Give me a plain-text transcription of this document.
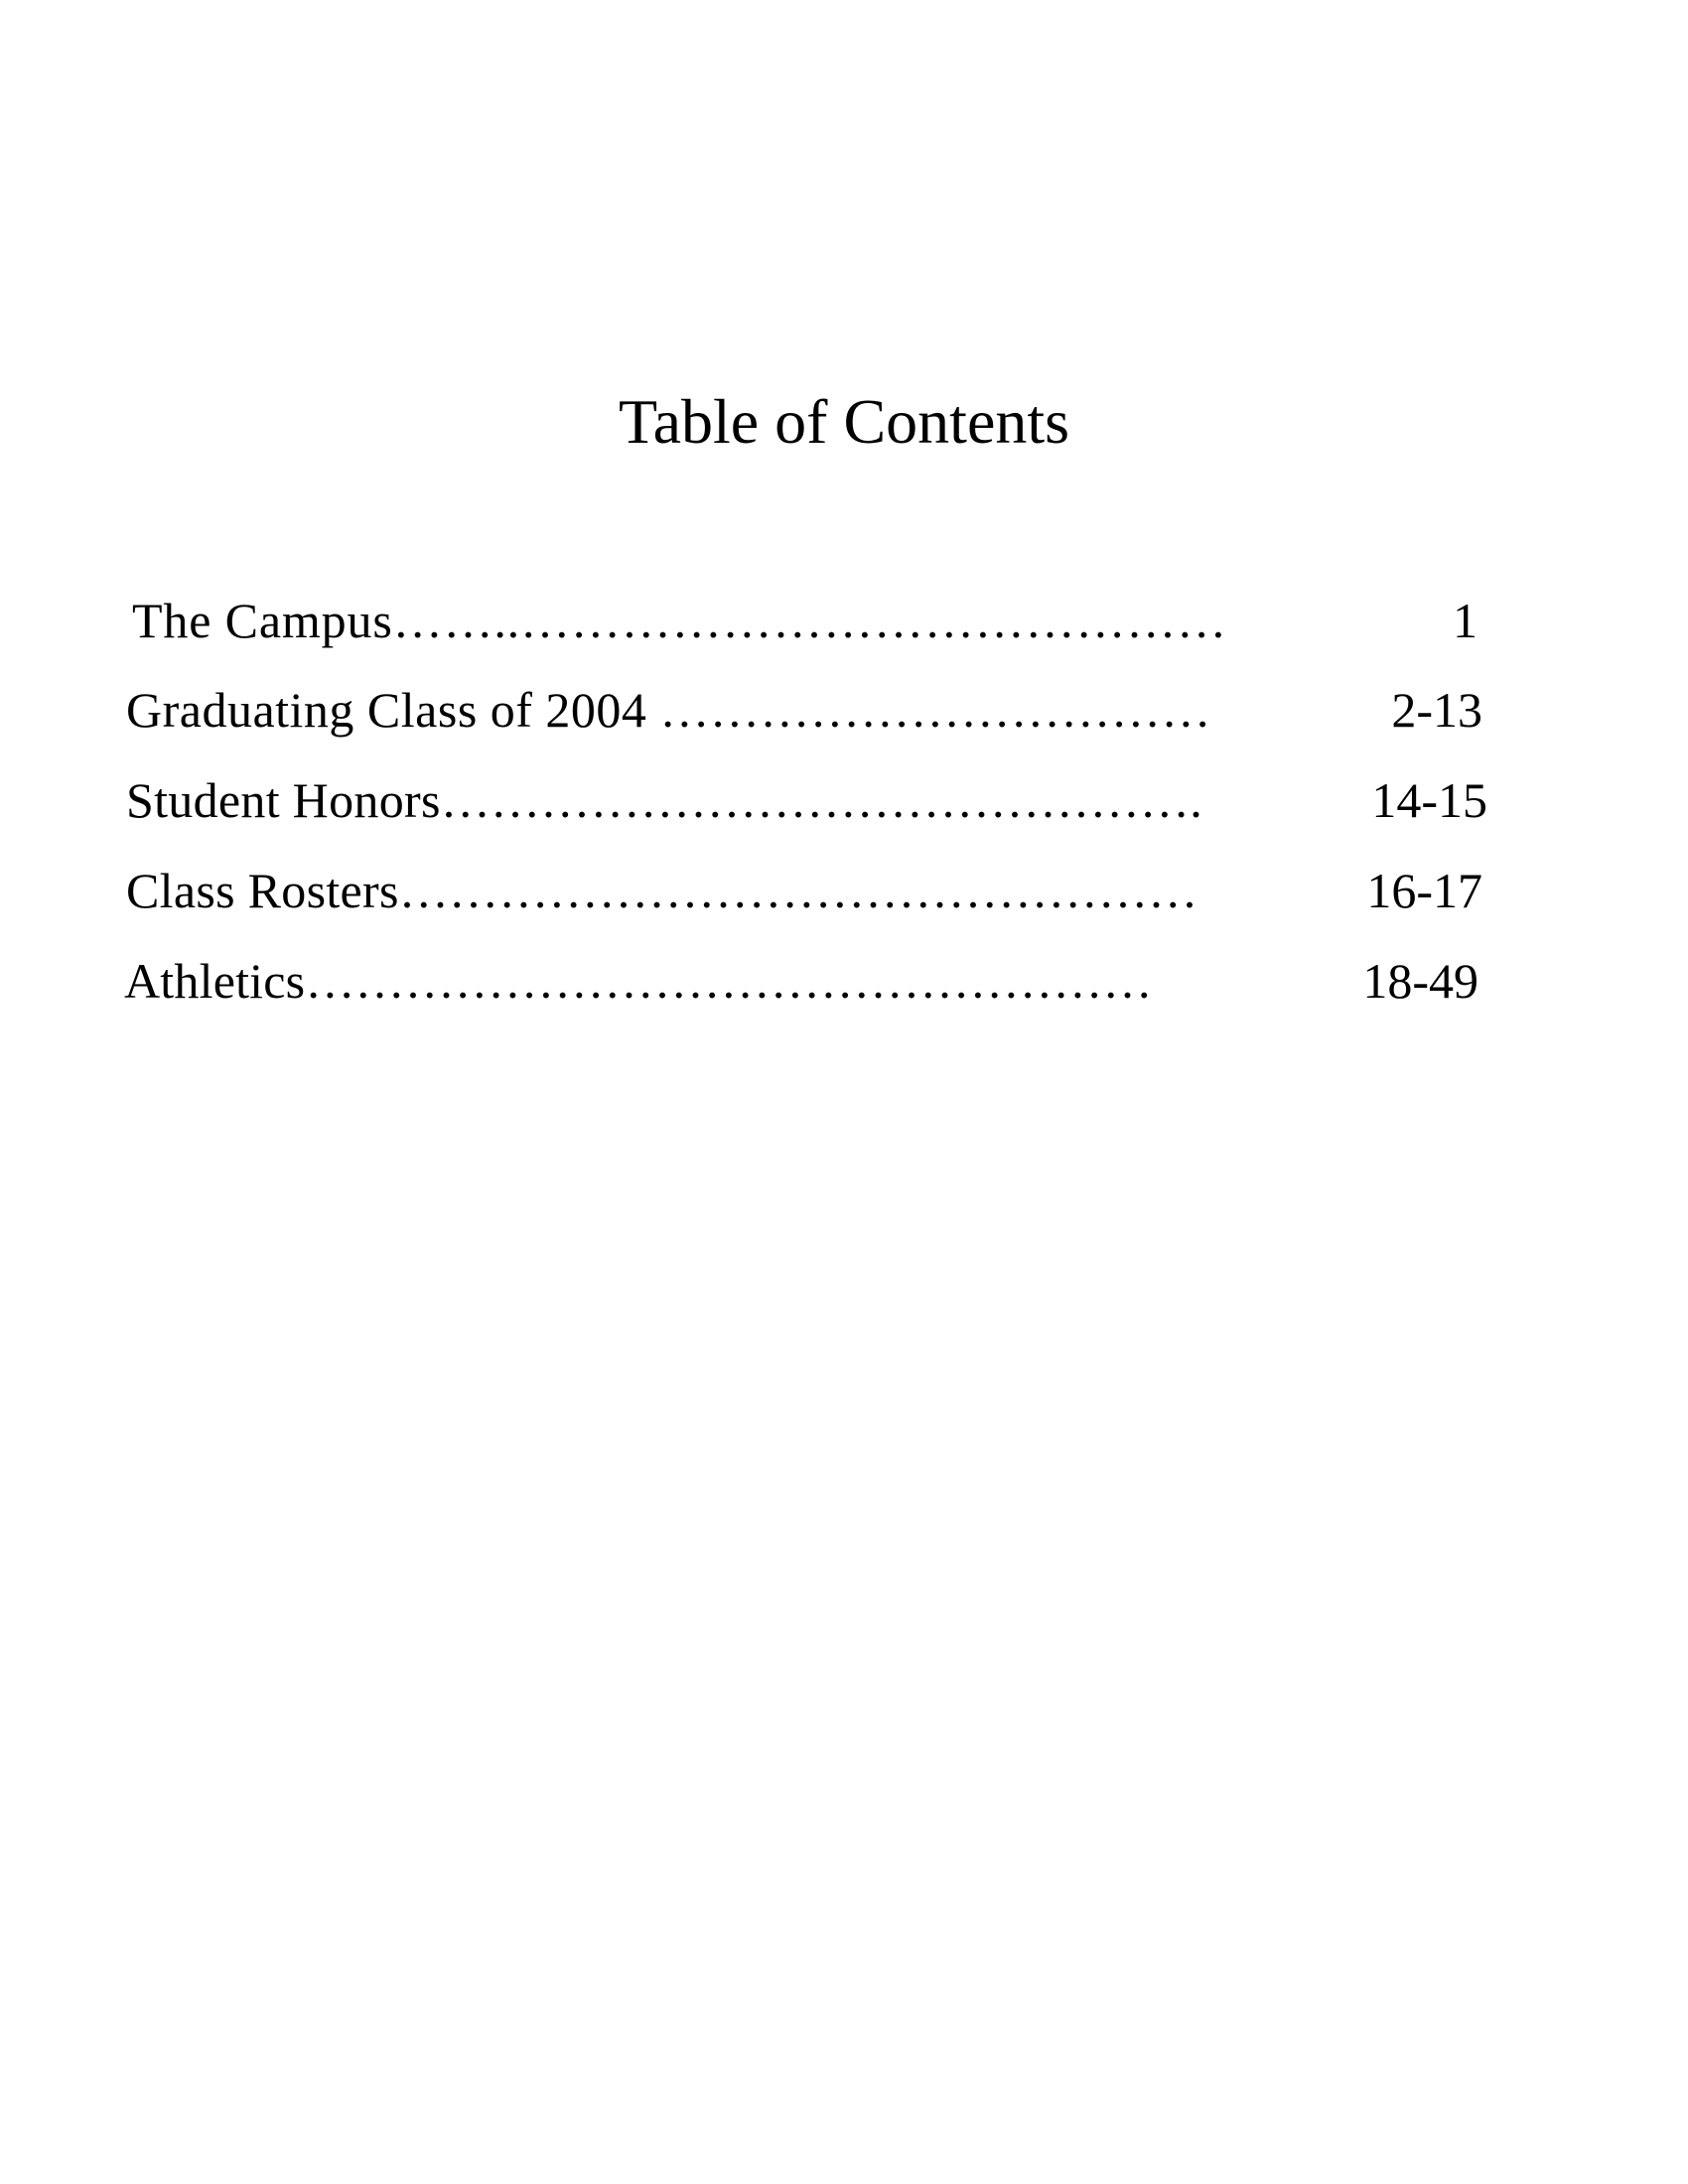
Table of Contents
The Campus……..……………………………………	1
Graduating Class of 2004 ……………………………	2-13
Student Honors……………………………………….	14-15
Class Rosters…………………………………………	16-17
Athletics……………………………………………	18-49
